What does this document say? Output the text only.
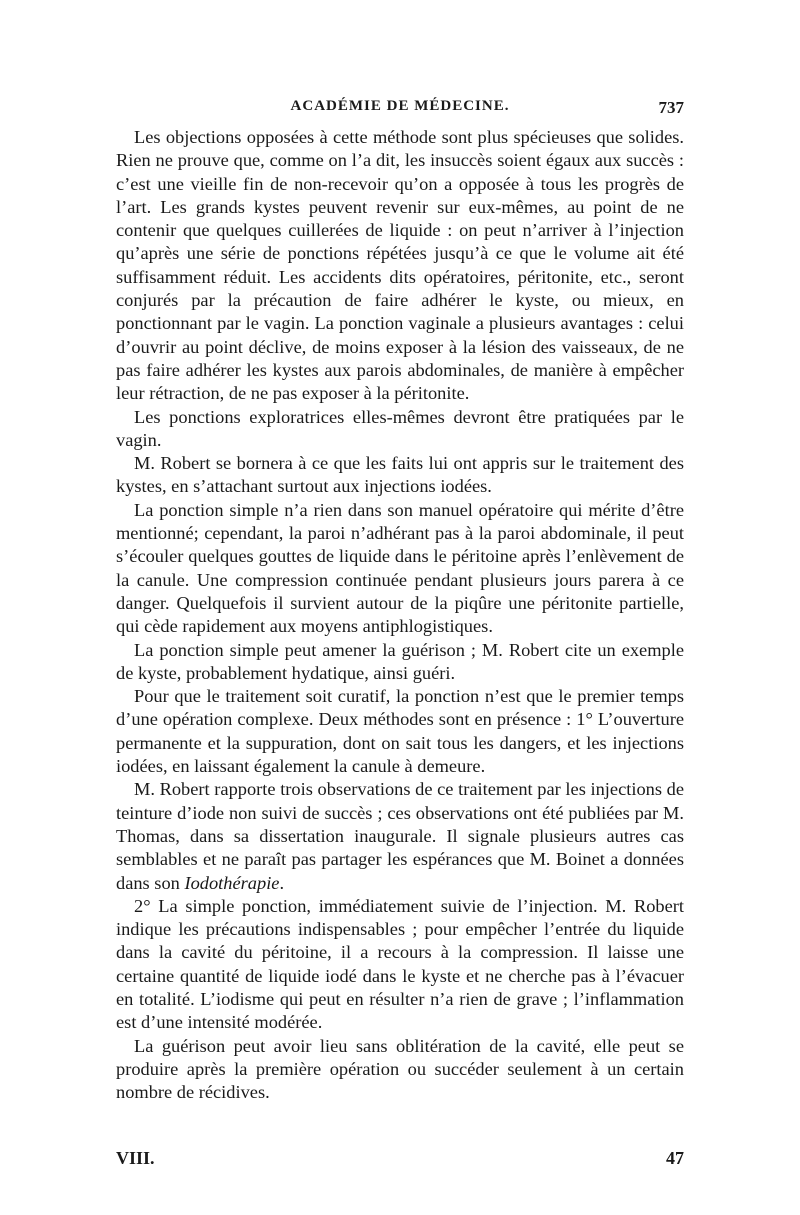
ACADÉMIE DE MÉDECINE.	737

Les objections opposées à cette méthode sont plus spécieuses que solides. Rien ne prouve que, comme on l’a dit, les insuccès soient égaux aux succès : c’est une vieille fin de non-recevoir qu’on a opposée à tous les progrès de l’art. Les grands kystes peuvent revenir sur eux-mêmes, au point de ne contenir que quelques cuillerées de liquide : on peut n’arriver à l’injection qu’après une série de ponctions répétées jusqu’à ce que le volume ait été suffisamment réduit. Les accidents dits opératoires, péritonite, etc., seront conjurés par la précaution de faire adhérer le kyste, ou mieux, en ponctionnant par le vagin. La ponction vaginale a plusieurs avantages : celui d’ouvrir au point déclive, de moins exposer à la lésion des vaisseaux, de ne pas faire adhérer les kystes aux parois abdominales, de manière à empêcher leur rétraction, de ne pas exposer à la péritonite.

Les ponctions exploratrices elles-mêmes devront être pratiquées par le vagin.

M. Robert se bornera à ce que les faits lui ont appris sur le traitement des kystes, en s’attachant surtout aux injections iodées.

La ponction simple n’a rien dans son manuel opératoire qui mérite d’être mentionné; cependant, la paroi n’adhérant pas à la paroi abdominale, il peut s’écouler quelques gouttes de liquide dans le péritoine après l’enlèvement de la canule. Une compression continuée pendant plusieurs jours parera à ce danger. Quelquefois il survient autour de la piqûre une péritonite partielle, qui cède rapidement aux moyens antiphlogistiques.

La ponction simple peut amener la guérison ; M. Robert cite un exemple de kyste, probablement hydatique, ainsi guéri.

Pour que le traitement soit curatif, la ponction n’est que le premier temps d’une opération complexe. Deux méthodes sont en présence : 1° L’ouverture permanente et la suppuration, dont on sait tous les dangers, et les injections iodées, en laissant également la canule à demeure.

M. Robert rapporte trois observations de ce traitement par les injections de teinture d’iode non suivi de succès ; ces observations ont été publiées par M. Thomas, dans sa dissertation inaugurale. Il signale plusieurs autres cas semblables et ne paraît pas partager les espérances que M. Boinet a données dans son Iodothérapie.

2° La simple ponction, immédiatement suivie de l’injection. M. Robert indique les précautions indispensables ; pour empêcher l’entrée du liquide dans la cavité du péritoine, il a recours à la compression. Il laisse une certaine quantité de liquide iodé dans le kyste et ne cherche pas à l’évacuer en totalité. L’iodisme qui peut en résulter n’a rien de grave ; l’inflammation est d’une intensité modérée.

La guérison peut avoir lieu sans oblitération de la cavité, elle peut se produire après la première opération ou succéder seulement à un certain nombre de récidives.

VIII.	47
